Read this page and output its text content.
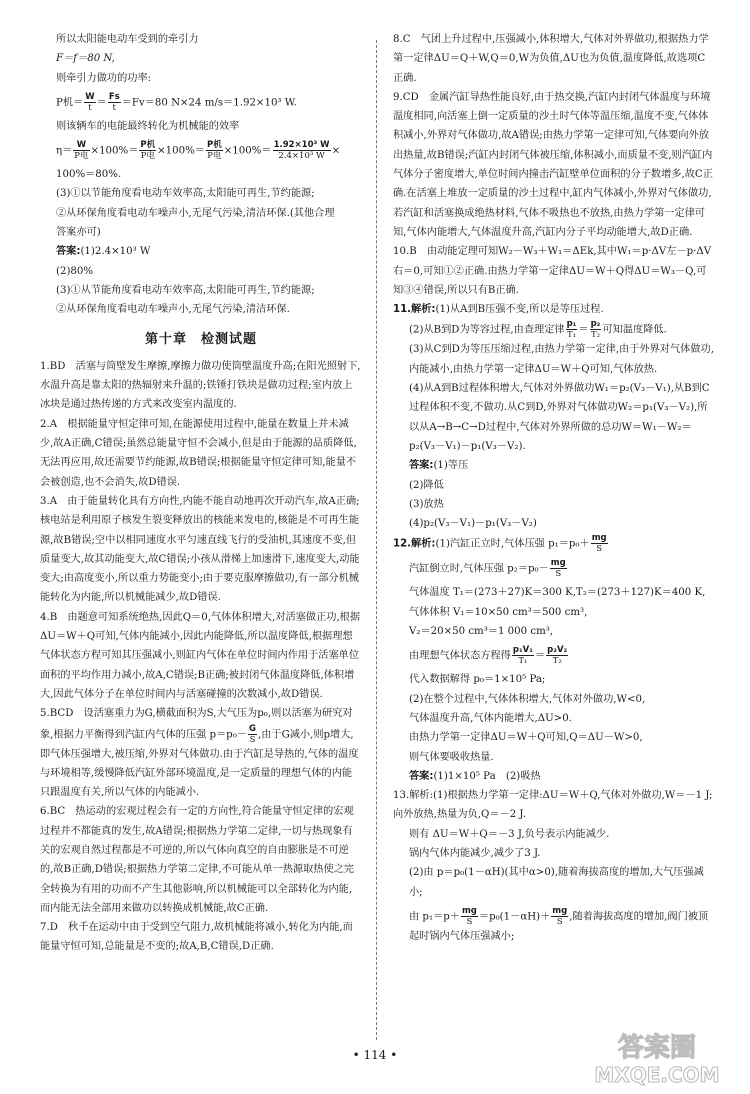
所以太阳能电动车受到的牵引力

F＝f＝80 N,

则牵引力做功的功率:

P机＝ $\frac{W}{t} = \frac{Fs}{t} =Fv=80$ N×24 m/s＝1.92×10³ W.

则该辆车的电能最终转化为机械能的效率

$\eta= \frac{W}{\text{P电}} \times 100\%= \frac{\text{P机}}{\text{P电}} \times 100\%= \frac{\text{P机}}{\text{P电}} \times 100\%= \frac{\text{1.92×10³ W}}{\text{2.4×10³ W}}$ ×

100%＝80%.

(3)①以节能角度看电动车效率高,太阳能可再生,节约能源;

②从环保角度看电动车噪声小,无尾气污染,清洁环保.(其他合理

答案亦可)

答案:(1)2.4×10³ W

(2)80%

(3)①从节能角度看电动车效率高,太阳能可再生,节约能源;

②从环保角度看电动车噪声小,无尾气污染,清洁环保.

第十章　检测试题

1.BD　活塞与筒壁发生摩擦,摩擦力做功使筒壁温度升高;在阳光照射下,水温升高是靠太阳的热辐射来升温的;铁锤打铁块是做功过程;室内放上冰块是通过热传递的方式来改变室内温度的.

2.A　根据能量守恒定律可知,在能源使用过程中,能量在数量上并未减少,故A正确,C错误;虽然总能量守恒不会减小,但是由于能源的品质降低,无法再应用,故还需要节约能源,故B错误;根据能量守恒定律可知,能量不会被创造,也不会消失,故D错误.

3.A　由于能量转化具有方向性,内能不能自动地再次开动汽车,故A正确;核电站是利用原子核发生裂变释放出的核能来发电的,核能是不可再生能源,故B错误;空中以相同速度水平匀速直线飞行的受油机,其速度不变,但质量变大,故其动能变大,故C错误;小孩从滑梯上加速滑下,速度变大,动能变大;由高度变小,所以重力势能变小;由于要克服摩擦做功,有一部分机械能转化为内能,所以机械能减少,故D错误.

4.B　由题意可知系统绝热,因此Q＝0,气体体积增大,对活塞做正功,根据ΔU＝W＋Q可知,气体内能减小,因此内能降低,所以温度降低,根据理想气体状态方程可知其压强减小,则缸内气体在单位时间内作用于活塞单位面积的平均作用力减小,故A,C错误;B正确;被封闭气体温度降低,体积增大,因此气体分子在单位时间内与活塞碰撞的次数减小,故D错误.

5.BCD　设活塞重力为G,横截面积为S,大气压为p₀,则以活塞为研究对象,根据力平衡得到汽缸内气体的压强 $p=p_0- \frac{G}{S}$ ,由于G减小,则p增大,即气体压强增大,被压缩,外界对气体做功.由于汽缸是导热的,气体的温度与环境相等,缓慢降低汽缸外部环境温度,是一定质量的理想气体的内能只跟温度有关,所以气体的内能减小.

6.BC　热运动的宏观过程会有一定的方向性,符合能量守恒定律的宏观过程并不都能真的发生,故A错误;根据热力学第二定律,一切与热现象有关的宏观自然过程都是不可逆的,所以气体向真空的自由膨胀是不可逆的,故B正确,D错误;根据热力学第二定律,不可能从单一热源取热使之完全转换为有用的功而不产生其他影响,所以机械能可以全部转化为内能,而内能无法全部用来做功以转换成机械能,故C正确.

7.D　秋千在运动中由于受到空气阻力,故机械能将减小,转化为内能,而能量守恒可知,总能量是不变的;故A,B,C错误,D正确.

8.C　气团上升过程中,压强减小,体积增大,气体对外界做功,根据热力学第一定律ΔU＝Q＋W,Q＝0,W为负值,ΔU也为负值,温度降低,故选项C正确.

9.CD　金属汽缸导热性能良好,由于热交换,汽缸内封闭气体温度与环境温度相同,向活塞上倒一定质量的沙土时气体等温压缩,温度不变,气体体积减小,外界对气体做功,故A错误;由热力学第一定律可知,气体要向外放出热量,故B错误;汽缸内封闭气体被压缩,体积减小,而质量不变,则汽缸内气体分子密度增大,单位时间内撞击汽缸壁单位面积的分子数增多,故C正确.在活塞上堆放一定质量的沙土过程中,缸内气体减小,外界对气体做功,若汽缸和活塞换成绝热材料,气体不吸热也不放热,由热力学第一定律可知,气体内能增大,气体温度升高,汽缸内分子平均动能增大,故D正确.

10.B　由动能定理可知W₂－W₃＋W₁＝ΔEk,其中W₁＝p·ΔV左－p·ΔV右＝0,可知①②正确.由热力学第一定律ΔU＝W＋Q得ΔU＝W₃－Q,可知③④错误,所以只有B正确.

11.解析:(1)从A到B压强不变,所以是等压过程.

(2)从B到D为等容过程,由查理定律 $\frac{\text{p₁}}{\text{T₁}} = \frac{\text{p₂}}{\text{T₂}}$ 可知温度降低.

(3)从C到D为等压压缩过程,由热力学第一定律,由于外界对气体做功,内能减小,由热力学第一定律ΔU＝W＋Q可知,气体放热.

(4)从A到B过程体积增大,气体对外界做功W₁＝p₂(V₃－V₁),从B到C过程体积不变,不做功.从C到D,外界对气体做功W₂＝p₁(V₃－V₂),所以从A→B→C→D过程中,气体对外界所做的总功W＝W₁－W₂＝p₂(V₃－V₁)－p₁(V₃－V₂).

答案:(1)等压

(2)降低

(3)放热

(4)p₂(V₃－V₁)－p₁(V₃－V₂)

12.解析:(1)汽缸正立时,气体压强 $p_1=p_0+ \frac{mg}{S}$

汽缸倒立时,气体压强 $p_2=p_0- \frac{mg}{S}$

气体温度 T₁＝(273＋27)K＝300 K,T₂＝(273＋127)K＝400 K,

气体体积 V₁＝10×50 cm³＝500 cm³,

V₂＝20×50 cm³＝1 000 cm³,

由理想气体状态方程得 $\frac{\text{p₁V₁}}{\text{T₁}} = \frac{\text{p₂V₂}}{\text{T₂}}$

代入数据解得 p₀＝1×10⁵ Pa;

(2)在整个过程中,气体体积增大,气体对外做功,W<0,

气体温度升高,气体内能增大,ΔU>0.

由热力学第一定律ΔU＝W＋Q可知,Q＝ΔU－W>0,

则气体要吸收热量.

答案:(1)1×10⁵ Pa　(2)吸热

13.解析:(1)根据热力学第一定律:ΔU＝W＋Q,气体对外做功,W＝－1 J;向外放热,热量为负,Q＝－2 J.

则有 ΔU＝W＋Q＝－3 J,负号表示内能减少.

锅内气体内能减少,减少了3 J.

(2)由 p＝p₀(1－αH)(其中α>0),随着海拔高度的增加,大气压强减小;

由 $p_1=p+ \frac{mg}{S} =p_0(1-\alpha H)+ \frac{mg}{S}$ ,随着海拔高度的增加,阀门被顶起时锅内气体压强减小;

• 114 •	答案圈
MXQE.COM
